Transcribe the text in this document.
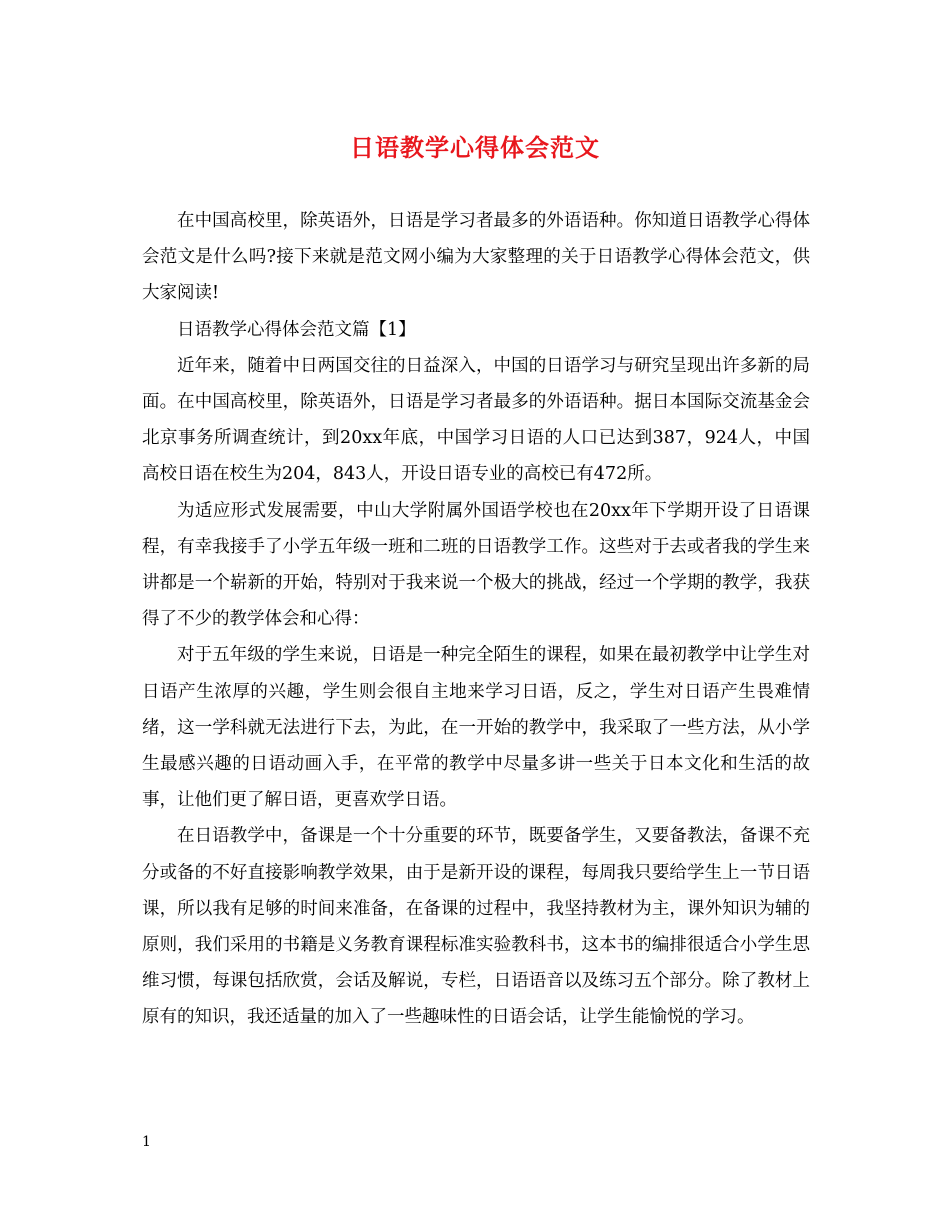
日语教学心得体会范文

在中国高校里，除英语外，日语是学习者最多的外语语种。你知道日语教学心得体会范文是什么吗?接下来就是范文网小编为大家整理的关于日语教学心得体会范文，供大家阅读!

日语教学心得体会范文篇【1】

近年来，随着中日两国交往的日益深入，中国的日语学习与研究呈现出许多新的局面。在中国高校里，除英语外，日语是学习者最多的外语语种。据日本国际交流基金会北京事务所调查统计，到20xx年底，中国学习日语的人口已达到387，924人，中国高校日语在校生为204，843人，开设日语专业的高校已有472所。

为适应形式发展需要，中山大学附属外国语学校也在20xx年下学期开设了日语课程，有幸我接手了小学五年级一班和二班的日语教学工作。这些对于去或者我的学生来讲都是一个崭新的开始，特别对于我来说一个极大的挑战，经过一个学期的教学，我获得了不少的教学体会和心得：

对于五年级的学生来说，日语是一种完全陌生的课程，如果在最初教学中让学生对日语产生浓厚的兴趣，学生则会很自主地来学习日语，反之，学生对日语产生畏难情绪，这一学科就无法进行下去，为此，在一开始的教学中，我采取了一些方法，从小学生最感兴趣的日语动画入手，在平常的教学中尽量多讲一些关于日本文化和生活的故事，让他们更了解日语，更喜欢学日语。

在日语教学中，备课是一个十分重要的环节，既要备学生，又要备教法，备课不充分或备的不好直接影响教学效果，由于是新开设的课程，每周我只要给学生上一节日语课，所以我有足够的时间来准备，在备课的过程中，我坚持教材为主，课外知识为辅的原则，我们采用的书籍是义务教育课程标准实验教科书，这本书的编排很适合小学生思维习惯，每课包括欣赏，会话及解说，专栏，日语语音以及练习五个部分。除了教材上原有的知识，我还适量的加入了一些趣味性的日语会话，让学生能愉悦的学习。

1
